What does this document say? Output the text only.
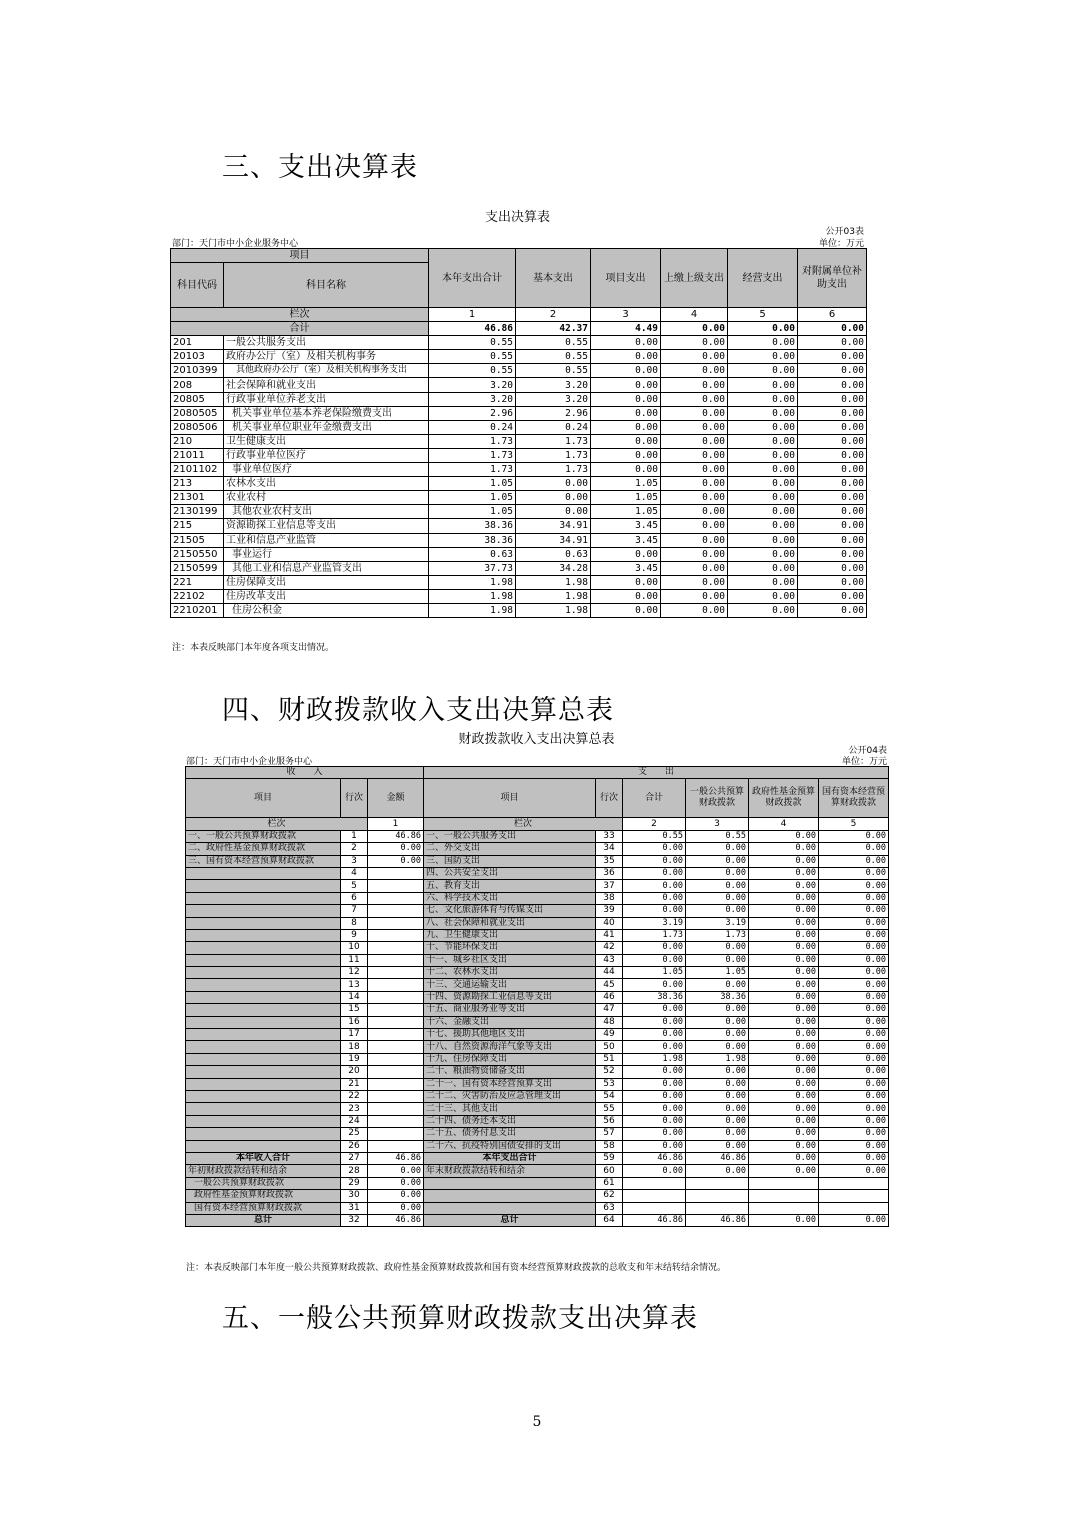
三、支出决算表
支出决算表
公开03表
部门：天门市中小企业服务中心	单位：万元
项目		本年支出合计	基本支出	项目支出	上缴上级支出	经营支出	对附属单位补助支出
科目代码	科目名称						
栏次		1	2	3	4	5	6
合计		46.86	42.37	4.49	0.00	0.00	0.00
201	一般公共服务支出	0.55	0.55	0.00	0.00	0.00	0.00
20103	政府办公厅（室）及相关机构事务	0.55	0.55	0.00	0.00	0.00	0.00
2010399	其他政府办公厅（室）及相关机构事务支出	0.55	0.55	0.00	0.00	0.00	0.00
208	社会保障和就业支出	3.20	3.20	0.00	0.00	0.00	0.00
20805	行政事业单位养老支出	3.20	3.20	0.00	0.00	0.00	0.00
2080505	机关事业单位基本养老保险缴费支出	2.96	2.96	0.00	0.00	0.00	0.00
2080506	机关事业单位职业年金缴费支出	0.24	0.24	0.00	0.00	0.00	0.00
210	卫生健康支出	1.73	1.73	0.00	0.00	0.00	0.00
21011	行政事业单位医疗	1.73	1.73	0.00	0.00	0.00	0.00
2101102	事业单位医疗	1.73	1.73	0.00	0.00	0.00	0.00
213	农林水支出	1.05	0.00	1.05	0.00	0.00	0.00
21301	农业农村	1.05	0.00	1.05	0.00	0.00	0.00
2130199	其他农业农村支出	1.05	0.00	1.05	0.00	0.00	0.00
215	资源勘探工业信息等支出	38.36	34.91	3.45	0.00	0.00	0.00
21505	工业和信息产业监管	38.36	34.91	3.45	0.00	0.00	0.00
2150550	事业运行	0.63	0.63	0.00	0.00	0.00	0.00
2150599	其他工业和信息产业监管支出	37.73	34.28	3.45	0.00	0.00	0.00
221	住房保障支出	1.98	1.98	0.00	0.00	0.00	0.00
22102	住房改革支出	1.98	1.98	0.00	0.00	0.00	0.00
2210201	住房公积金	1.98	1.98	0.00	0.00	0.00	0.00
注：本表反映部门本年度各项支出情况。
四、财政拨款收入支出决算总表
财政拨款收入支出决算总表
公开04表
部门：天门市中小企业服务中心	单位：万元
收　　入			支　　出					
项目	行次	金额	项目	行次	合计	一般公共预算财政拨款	政府性基金预算财政拨款	国有资本经营预算财政拨款
栏次		1	栏次		2	3	4	5
一、一般公共预算财政拨款	1	46.86	一、一般公共服务支出	33	0.55	0.55	0.00	0.00
二、政府性基金预算财政拨款	2	0.00	二、外交支出	34	0.00	0.00	0.00	0.00
三、国有资本经营预算财政拨款	3	0.00	三、国防支出	35	0.00	0.00	0.00	0.00
	4		四、公共安全支出	36	0.00	0.00	0.00	0.00
	5		五、教育支出	37	0.00	0.00	0.00	0.00
	6		六、科学技术支出	38	0.00	0.00	0.00	0.00
	7		七、文化旅游体育与传媒支出	39	0.00	0.00	0.00	0.00
	8		八、社会保障和就业支出	40	3.19	3.19	0.00	0.00
	9		九、卫生健康支出	41	1.73	1.73	0.00	0.00
	10		十、节能环保支出	42	0.00	0.00	0.00	0.00
	11		十一、城乡社区支出	43	0.00	0.00	0.00	0.00
	12		十二、农林水支出	44	1.05	1.05	0.00	0.00
	13		十三、交通运输支出	45	0.00	0.00	0.00	0.00
	14		十四、资源勘探工业信息等支出	46	38.36	38.36	0.00	0.00
	15		十五、商业服务业等支出	47	0.00	0.00	0.00	0.00
	16		十六、金融支出	48	0.00	0.00	0.00	0.00
	17		十七、援助其他地区支出	49	0.00	0.00	0.00	0.00
	18		十八、自然资源海洋气象等支出	50	0.00	0.00	0.00	0.00
	19		十九、住房保障支出	51	1.98	1.98	0.00	0.00
	20		二十、粮油物资储备支出	52	0.00	0.00	0.00	0.00
	21		二十一、国有资本经营预算支出	53	0.00	0.00	0.00	0.00
	22		二十二、灾害防治及应急管理支出	54	0.00	0.00	0.00	0.00
	23		二十三、其他支出	55	0.00	0.00	0.00	0.00
	24		二十四、债务还本支出	56	0.00	0.00	0.00	0.00
	25		二十五、债务付息支出	57	0.00	0.00	0.00	0.00
	26		二十六、抗疫特别国债安排的支出	58	0.00	0.00	0.00	0.00
本年收入合计	27	46.86	本年支出合计	59	46.86	46.86	0.00	0.00
年初财政拨款结转和结余	28	0.00	年末财政拨款结转和结余	60	0.00	0.00	0.00	0.00
一般公共预算财政拨款	29	0.00		61				
政府性基金预算财政拨款	30	0.00		62				
国有资本经营预算财政拨款	31	0.00		63				
总计	32	46.86	总计	64	46.86	46.86	0.00	0.00
注：本表反映部门本年度一般公共预算财政拨款、政府性基金预算财政拨款和国有资本经营预算财政拨款的总收支和年末结转结余情况。
五、一般公共预算财政拨款支出决算表
5
